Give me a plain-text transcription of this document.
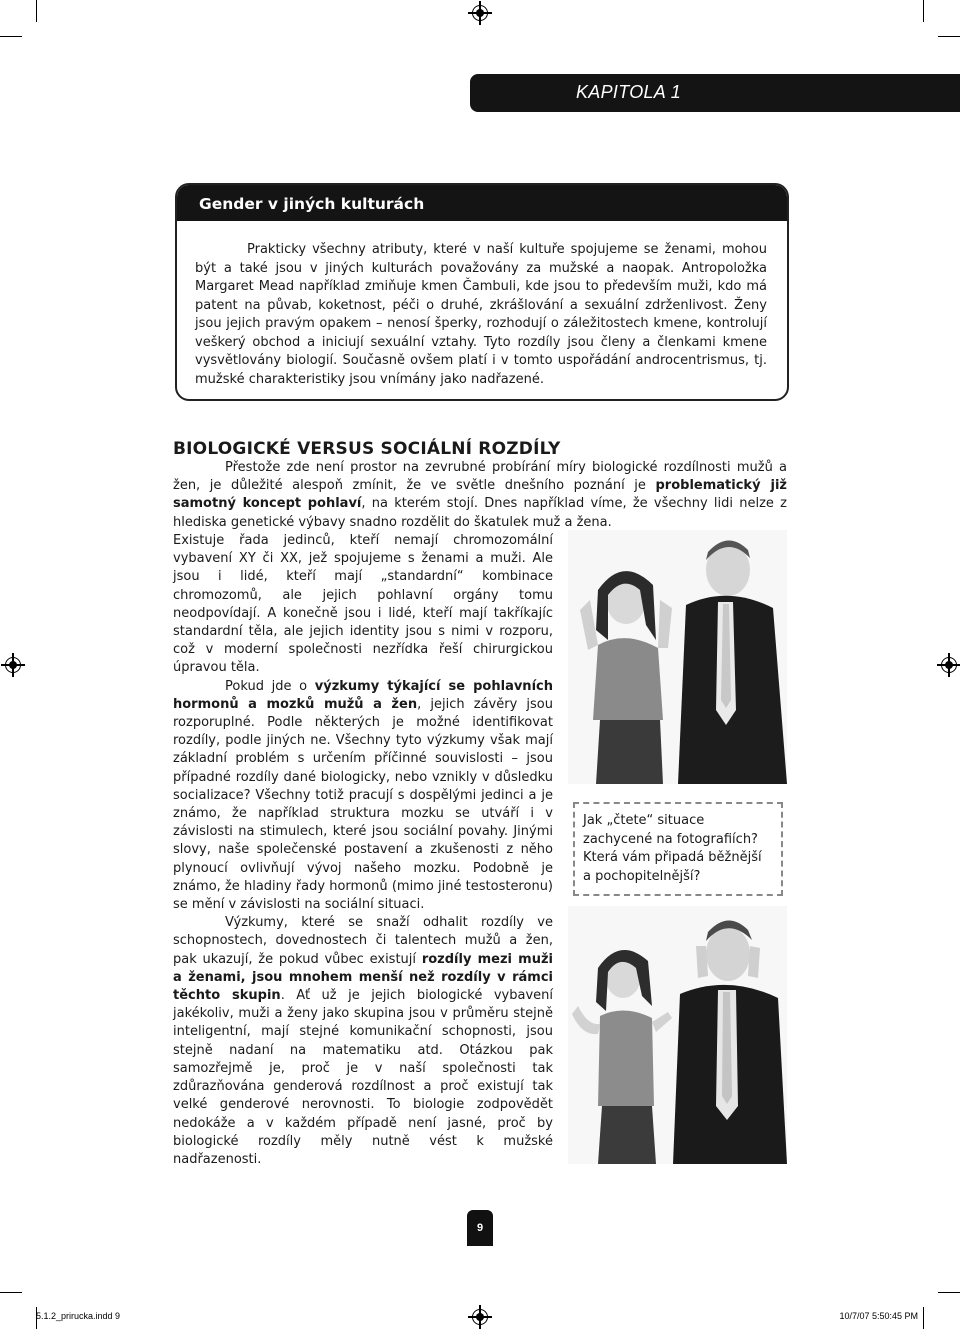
KAPITOLA 1
Gender v jiných kulturách

Prakticky všechny atributy, které v naší kultuře spojujeme se ženami, mohou být a také jsou v jiných kulturách považovány za mužské a naopak. Antropoložka Margaret Mead například zmiňuje kmen Čambuli, kde jsou to především muži, kdo má patent na půvab, koketnost, péči o druhé, zkrášlování a sexuální zdrženlivost. Ženy jsou jejich pravým opakem – nenosí šperky, rozhodují o záležitostech kmene, kontrolují veškerý obchod a iniciují sexuální vztahy. Tyto rozdíly jsou členy a členkami kmene vysvětlovány biologií. Současně ovšem platí i v tomto uspořádání androcentrismus, tj. mužské charakteristiky jsou vnímány jako nadřazené.

BIOLOGICKÉ VERSUS SOCIÁLNÍ ROZDÍLY

Přestože zde není prostor na zevrubné probírání míry biologické rozdílnosti mužů a žen, je důležité alespoň zmínit, že ve světle dnešního poznání je problematický již samotný koncept pohlaví, na kterém stojí. Dnes například víme, že všechny lidi nelze z hlediska genetické výbavy snadno rozdělit do škatulek muž a žena.

Existuje řada jedinců, kteří nemají chromozomální vybavení XY či XX, jež spojujeme s ženami a muži. Ale jsou i lidé, kteří mají „standardní“ kombinace chromozomů, ale jejich pohlavní orgány tomu neodpovídají. A konečně jsou i lidé, kteří mají takříkajíc standardní těla, ale jejich identity jsou s nimi v rozporu, což v moderní společnosti nezřídka řeší chirurgickou úpravou těla.

Pokud jde o výzkumy týkající se pohlavních hormonů a mozků mužů a žen, jejich závěry jsou rozporuplné. Podle některých je možné identifikovat rozdíly, podle jiných ne. Všechny tyto výzkumy však mají základní problém s určením příčinné souvislosti – jsou případné rozdíly dané biologicky, nebo vznikly v důsledku socializace? Všechny totiž pracují s dospělými jedinci a je známo, že například struktura mozku se utváří i v závislosti na stimulech, které jsou sociální povahy. Jinými slovy, naše společenské postavení a zkušenosti z něho plynoucí ovlivňují vývoj našeho mozku. Podobně je známo, že hladiny řady hormonů (mimo jiné testosteronu) se mění v závislosti na sociální situaci.

Výzkumy, které se snaží odhalit rozdíly ve schopnostech, dovednostech či talentech mužů a žen, pak ukazují, že pokud vůbec existují rozdíly mezi muži a ženami, jsou mnohem menší než rozdíly v rámci těchto skupin. Ať už je jejich biologické vybavení jakékoliv, muži a ženy jako skupina jsou v průměru stejně inteligentní, mají stejné komunikační schopnosti, jsou stejně nadaní na matematiku atd. Otázkou pak samozřejmě je, proč je v naší společnosti tak zdůrazňována genderová rozdílnost a proč existují tak velké genderové nerovnosti. To biologie zodpovědět nedokáže a v každém případě není jasné, proč by biologické rozdíly měly nutně vést k mužské nadřazenosti.

Jak „čtete“ situace zachycené na fotografiích? Která vám připadá běžnější a pochopitelnější?

9
5.1.2_prirucka.indd 9	10/7/07 5:50:45 PM
